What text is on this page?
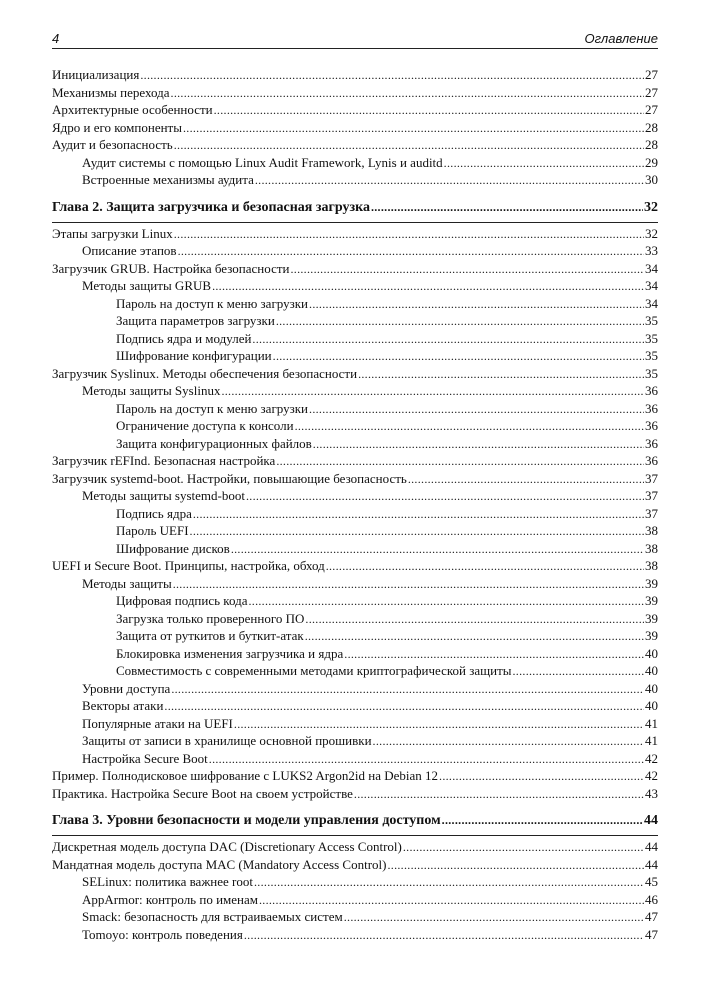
4	Оглавление
Инициализация .....	27
Механизмы перехода .....	27
Архитектурные особенности .....	27
Ядро и его компоненты .....	28
Аудит и безопасность .....	28
Аудит системы с помощью Linux Audit Framework, Lynis и auditd .....	29
Встроенные механизмы аудита .....	30
Глава 2. Защита загрузчика и безопасная загрузка .....	32
Этапы загрузки Linux .....	32
Описание этапов .....	33
Загрузчик GRUB. Настройка безопасности .....	34
Методы защиты GRUB .....	34
Пароль на доступ к меню загрузки .....	34
Защита параметров загрузки .....	35
Подпись ядра и модулей .....	35
Шифрование конфигурации .....	35
Загрузчик Syslinux. Методы обеспечения безопасности .....	35
Методы защиты Syslinux .....	36
Пароль на доступ к меню загрузки .....	36
Ограничение доступа к консоли .....	36
Защита конфигурационных файлов .....	36
Загрузчик rEFInd. Безопасная настройка .....	36
Загрузчик systemd-boot. Настройки, повышающие безопасность .....	37
Методы защиты systemd-boot .....	37
Подпись ядра .....	37
Пароль UEFI .....	38
Шифрование дисков .....	38
UEFI и Secure Boot. Принципы, настройка, обход .....	38
Методы защиты .....	39
Цифровая подпись кода .....	39
Загрузка только проверенного ПО .....	39
Защита от руткитов и буткит-атак .....	39
Блокировка изменения загрузчика и ядра .....	40
Совместимость с современными методами криптографической защиты .....	40
Уровни доступа .....	40
Векторы атаки .....	40
Популярные атаки на UEFI .....	41
Защиты от записи в хранилище основной прошивки .....	41
Настройка Secure Boot .....	42
Пример. Полнодисковое шифрование с LUKS2 Argon2id на Debian 12 .....	42
Практика. Настройка Secure Boot на своем устройстве .....	43
Глава 3. Уровни безопасности и модели управления доступом .....	44
Дискретная модель доступа DAC (Discretionary Access Control) .....	44
Мандатная модель доступа MAC (Mandatory Access Control) .....	44
SELinux: политика важнее root .....	45
AppArmor: контроль по именам .....	46
Smack: безопасность для встраиваемых систем .....	47
Tomoyo: контроль поведения .....	47
